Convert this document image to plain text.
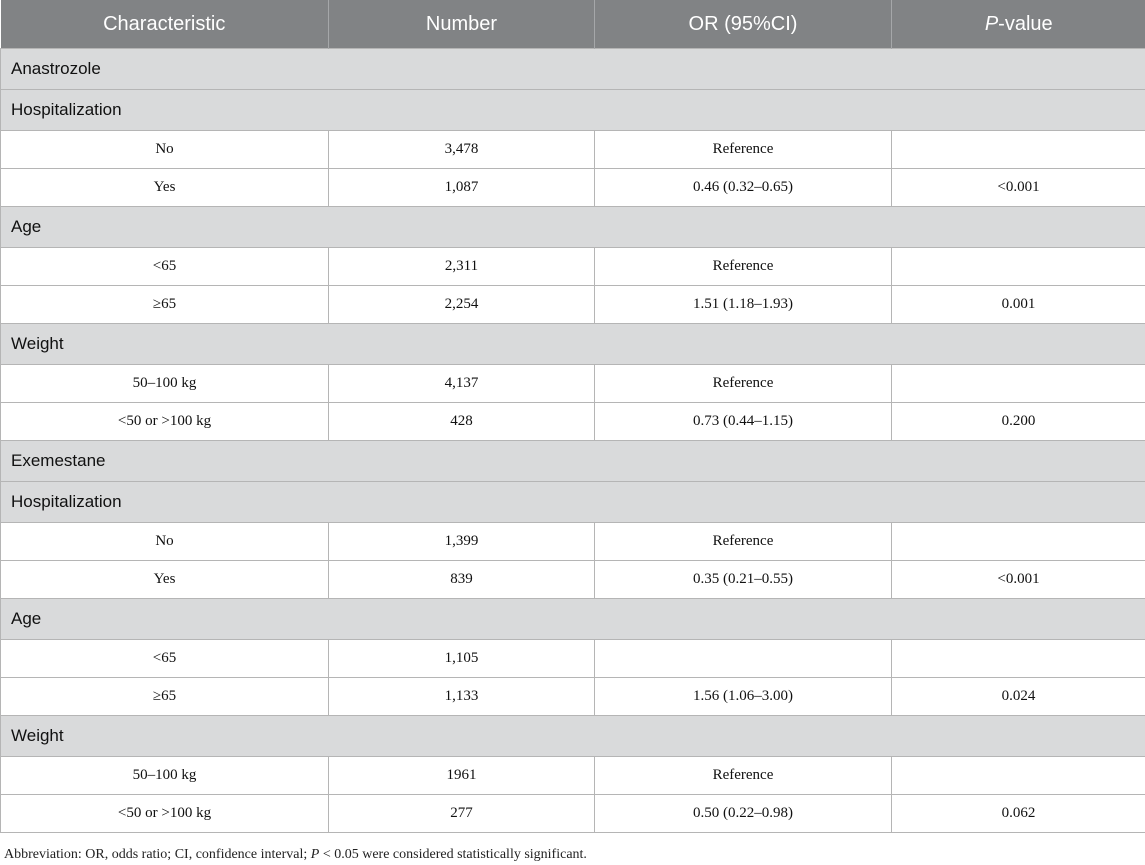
Characteristic	Number	OR (95%CI)	P-value
Anastrozole			
Hospitalization			
No	3,478	Reference	
Yes	1,087	0.46 (0.32–0.65)	<0.001
Age			
<65	2,311	Reference	
≥65	2,254	1.51 (1.18–1.93)	0.001
Weight			
50–100 kg	4,137	Reference	
<50 or >100 kg	428	0.73 (0.44–1.15)	0.200
Exemestane			
Hospitalization			
No	1,399	Reference	
Yes	839	0.35 (0.21–0.55)	<0.001
Age			
<65	1,105		
≥65	1,133	1.56 (1.06–3.00)	0.024
Weight			
50–100 kg	1961	Reference	
<50 or >100 kg	277	0.50 (0.22–0.98)	0.062
Abbreviation: OR, odds ratio; CI, confidence interval; P < 0.05 were considered statistically significant.
